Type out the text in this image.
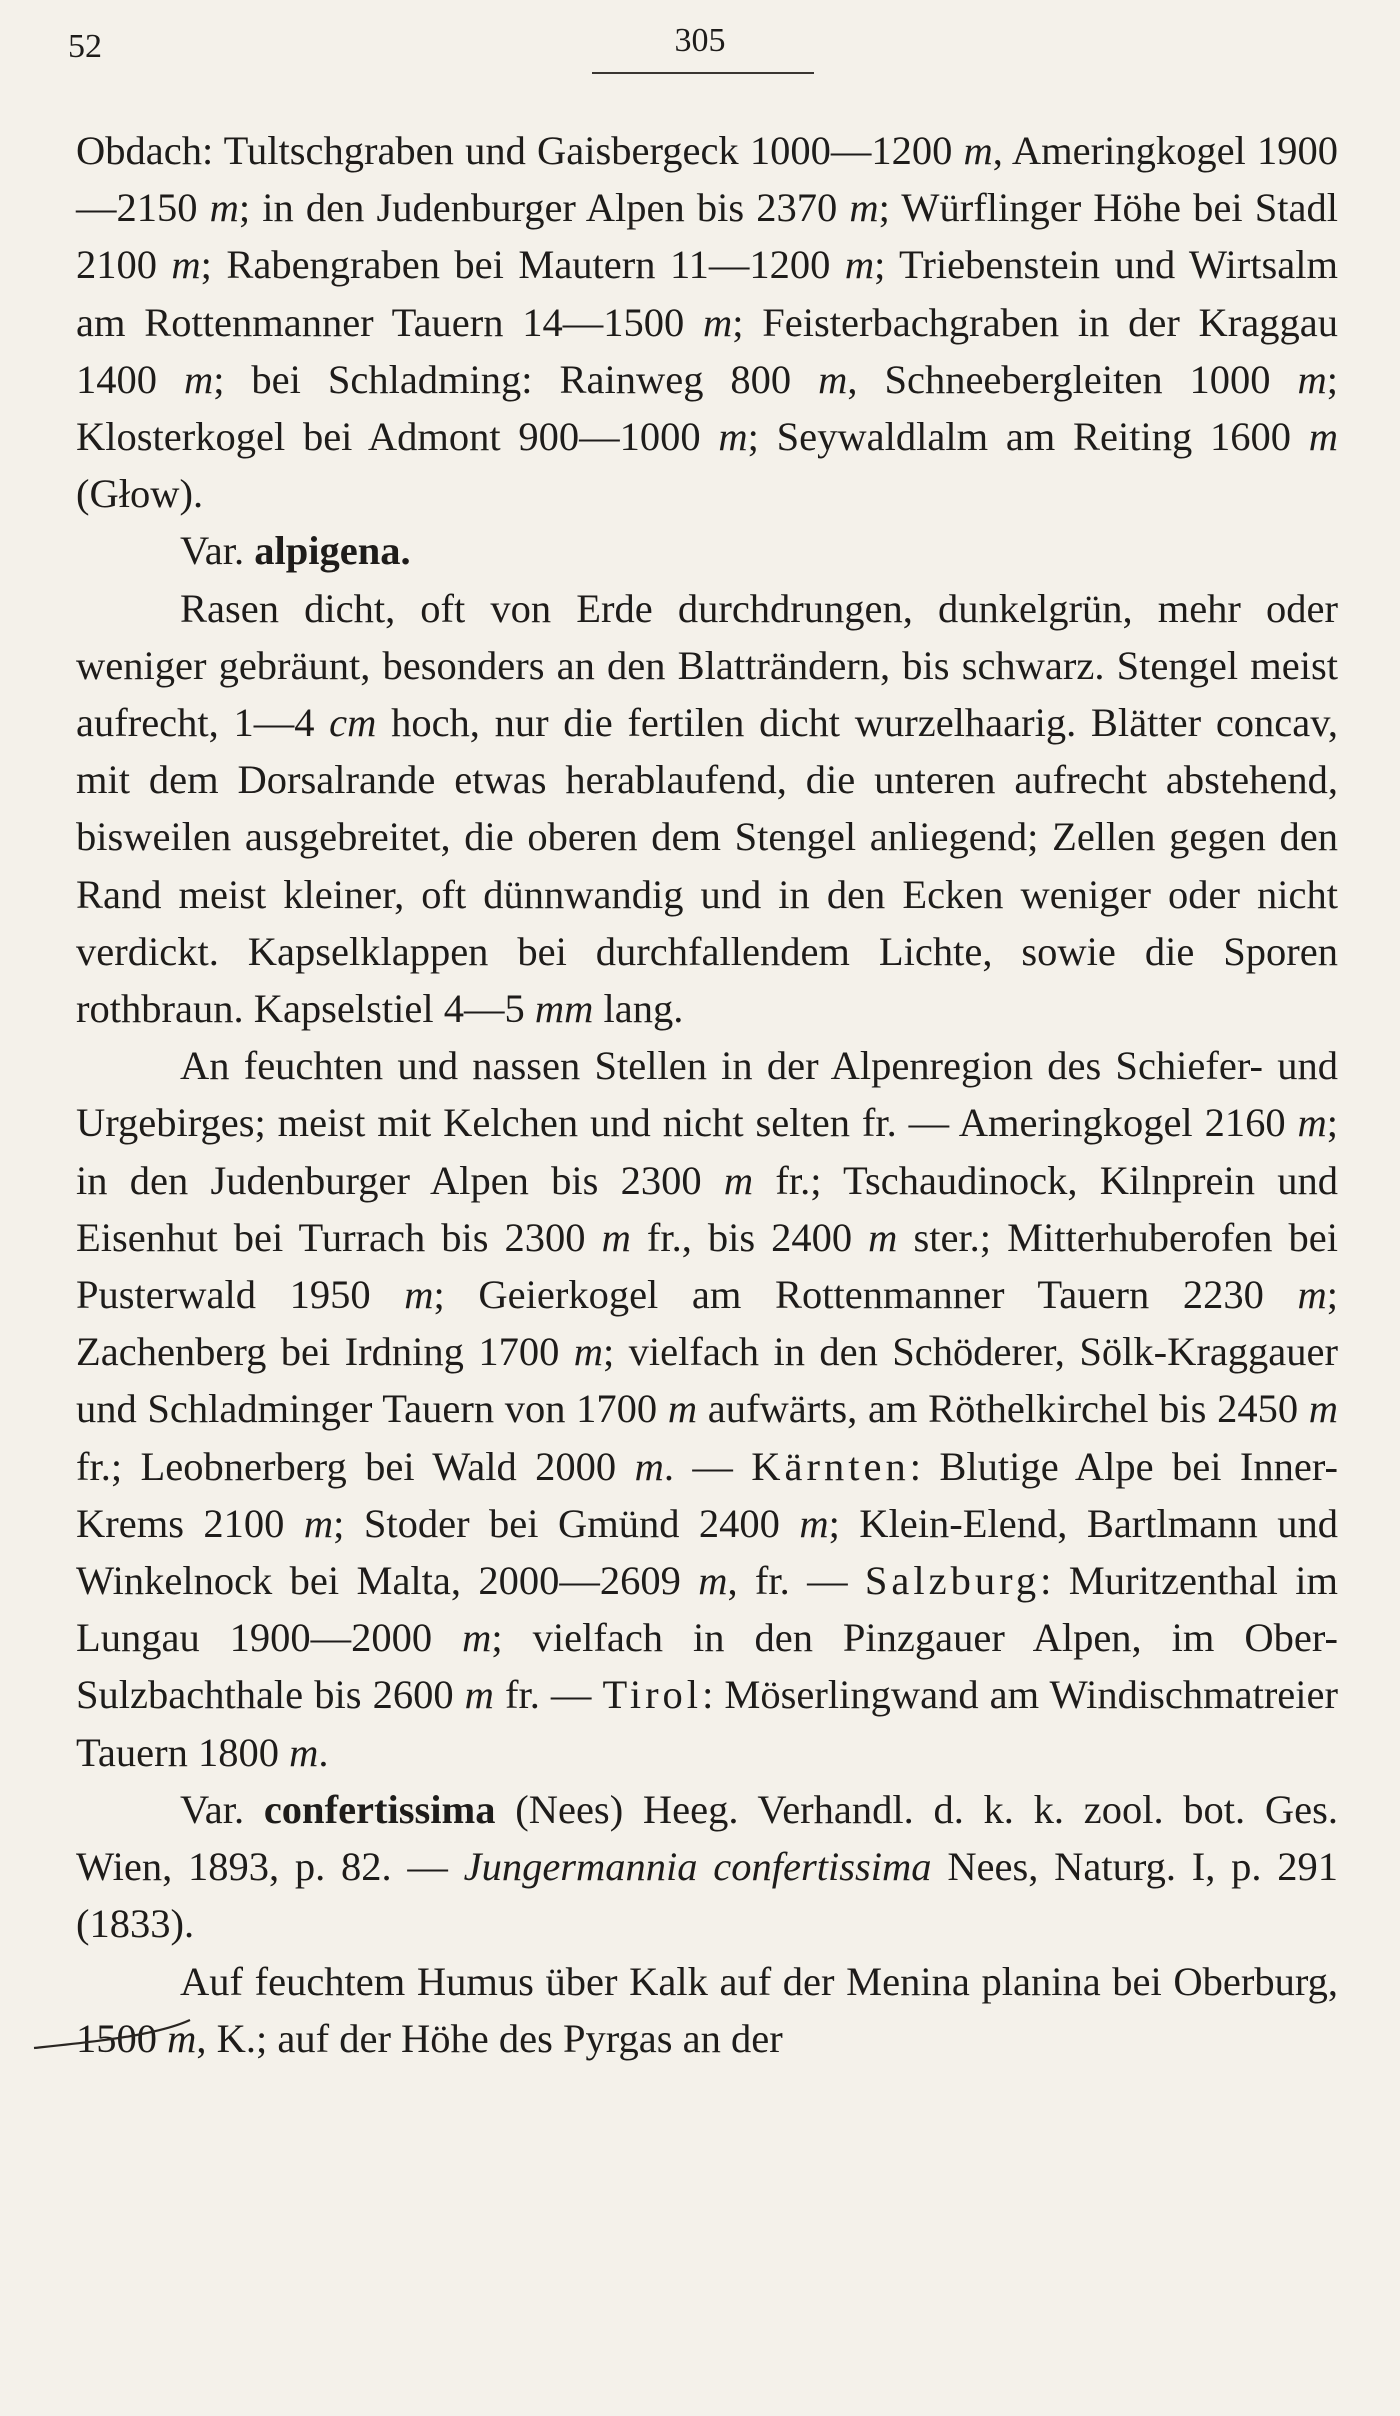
52	305

Obdach: Tultschgraben und Gaisbergeck 1000—1200 m, Ameringkogel 1900—2150 m; in den Judenburger Alpen bis 2370 m; Würflinger Höhe bei Stadl 2100 m; Rabengraben bei Mautern 11—1200 m; Triebenstein und Wirtsalm am Rottenmanner Tauern 14—1500 m; Feisterbachgraben in der Kraggau 1400 m; bei Schladming: Rainweg 800 m, Schneebergleiten 1000 m; Klosterkogel bei Admont 900—1000 m; Seywaldlalm am Reiting 1600 m (Głow).

Var. alpigena.

Rasen dicht, oft von Erde durchdrungen, dunkelgrün, mehr oder weniger gebräunt, besonders an den Blatträndern, bis schwarz. Stengel meist aufrecht, 1—4 cm hoch, nur die fertilen dicht wurzelhaarig. Blätter concav, mit dem Dorsalrande etwas herablaufend, die unteren aufrecht abstehend, bisweilen ausgebreitet, die oberen dem Stengel anliegend; Zellen gegen den Rand meist kleiner, oft dünnwandig und in den Ecken weniger oder nicht verdickt. Kapselklappen bei durchfallendem Lichte, sowie die Sporen rothbraun. Kapselstiel 4—5 mm lang.

An feuchten und nassen Stellen in der Alpenregion des Schiefer- und Urgebirges; meist mit Kelchen und nicht selten fr. — Ameringkogel 2160 m; in den Judenburger Alpen bis 2300 m fr.; Tschaudinock, Kilnprein und Eisenhut bei Turrach bis 2300 m fr., bis 2400 m ster.; Mitterhuberofen bei Pusterwald 1950 m; Geierkogel am Rottenmanner Tauern 2230 m; Zachenberg bei Irdning 1700 m; vielfach in den Schöderer, Sölk-Kraggauer und Schladminger Tauern von 1700 m aufwärts, am Röthelkirchel bis 2450 m fr.; Leobnerberg bei Wald 2000 m. — Kärnten: Blutige Alpe bei Inner-Krems 2100 m; Stoder bei Gmünd 2400 m; Klein-Elend, Bartlmann und Winkelnock bei Malta, 2000—2609 m, fr. — Salzburg: Muritzenthal im Lungau 1900—2000 m; vielfach in den Pinzgauer Alpen, im Ober-Sulzbachthale bis 2600 m fr. — Tirol: Möserlingwand am Windischmatreier Tauern 1800 m.

Var. confertissima (Nees) Heeg. Verhandl. d. k. k. zool. bot. Ges. Wien, 1893, p. 82. — Jungermannia confertissima Nees, Naturg. I, p. 291 (1833).

Auf feuchtem Humus über Kalk auf der Menina planina bei Oberburg, 1500 m, K.; auf der Höhe des Pyrgas an der
